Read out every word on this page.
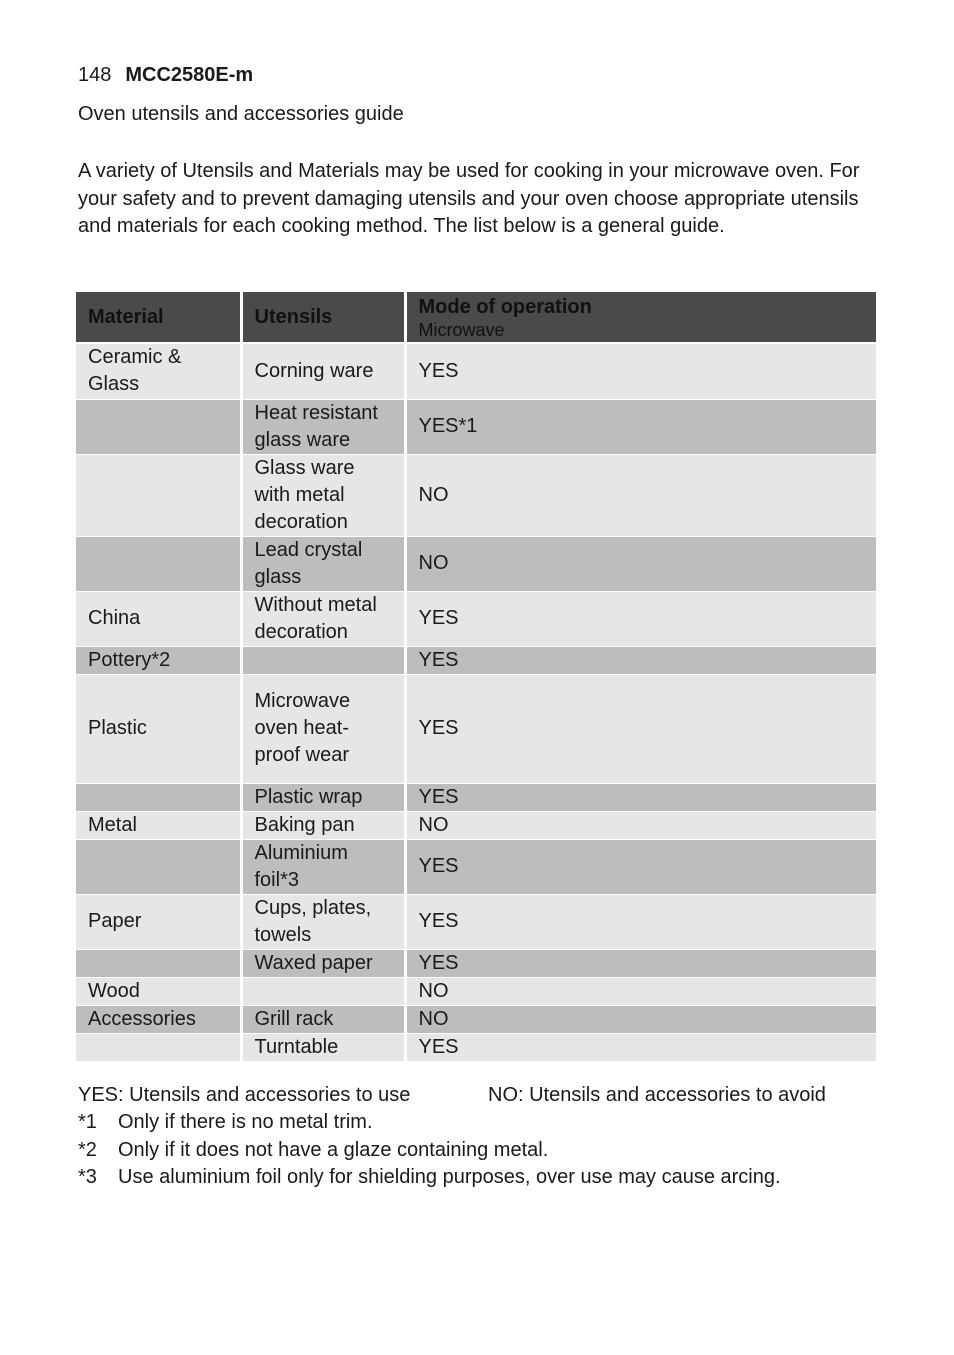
148 MCC2580E-m
Oven utensils and accessories guide
A variety of Utensils and Materials may be used for cooking in your microwave oven. For your safety and to prevent damaging utensils and your oven choose appropriate utensils and materials for each cooking method. The list below is a general guide.
Material	Utensils	Mode of operation
Microwave

Ceramic & Glass	Corning ware	YES
	Heat resistant glass ware	YES*1
	Glass ware with metal decoration	NO
	Lead crystal glass	NO
China	Without metal decoration	YES
Pottery*2		YES
Plastic	Microwave oven heat-proof wear	YES
	Plastic wrap	YES
Metal	Baking pan	NO
	Aluminium foil*3	YES
Paper	Cups, plates, towels	YES
	Waxed paper	YES
Wood		NO
Accessories	Grill rack	NO
	Turntable	YES
YES: Utensils and accessories to use	NO: Utensils and accessories to avoid
*1 Only if there is no metal trim.
*2 Only if it does not have a glaze containing metal.
*3 Use aluminium foil only for shielding purposes, over use may cause arcing.
